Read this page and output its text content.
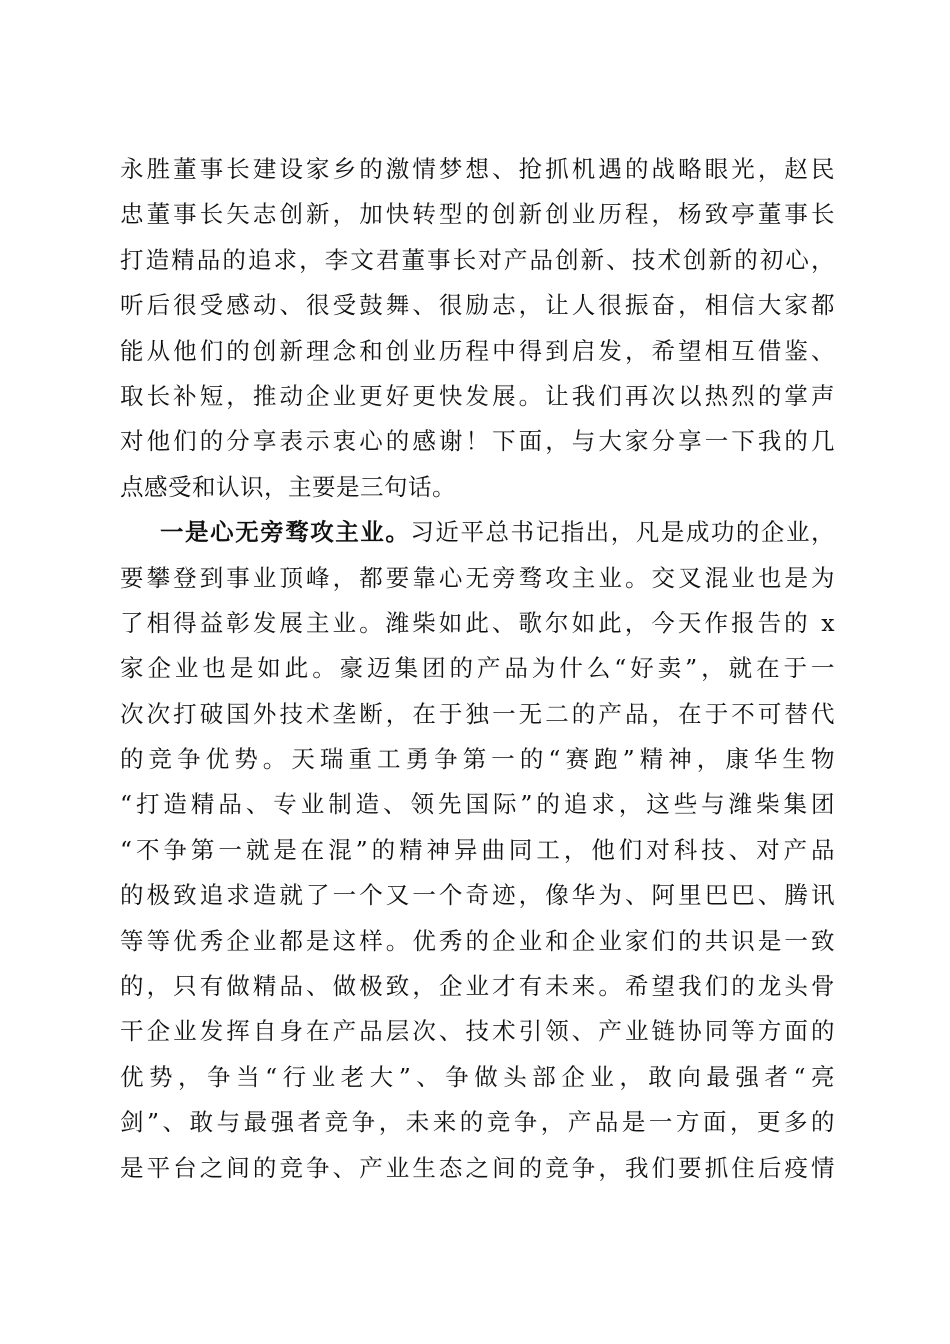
永胜董事长建设家乡的激情梦想、抢抓机遇的战略眼光，赵民
忠董事长矢志创新，加快转型的创新创业历程，杨致亭董事长
打造精品的追求，李文君董事长对产品创新、技术创新的初心，
听后很受感动、很受鼓舞、很励志，让人很振奋，相信大家都
能从他们的创新理念和创业历程中得到启发，希望相互借鉴、
取长补短，推动企业更好更快发展。让我们再次以热烈的掌声
对他们的分享表示衷心的感谢！下面，与大家分享一下我的几
点感受和认识，主要是三句话。
一是心无旁骛攻主业。习近平总书记指出，凡是成功的企业，
要攀登到事业顶峰，都要靠心无旁骛攻主业。交叉混业也是为
了相得益彰发展主业。潍柴如此、歌尔如此，今天作报告的 x
家企业也是如此。豪迈集团的产品为什么“好卖”，就在于一
次次打破国外技术垄断，在于独一无二的产品，在于不可替代
的竞争优势。天瑞重工勇争第一的“赛跑”精神，康华生物
“打造精品、专业制造、领先国际”的追求，这些与潍柴集团
“不争第一就是在混”的精神异曲同工，他们对科技、对产品
的极致追求造就了一个又一个奇迹，像华为、阿里巴巴、腾讯
等等优秀企业都是这样。优秀的企业和企业家们的共识是一致
的，只有做精品、做极致，企业才有未来。希望我们的龙头骨
干企业发挥自身在产品层次、技术引领、产业链协同等方面的
优势，争当“行业老大”、争做头部企业，敢向最强者“亮
剑”、敢与最强者竞争，未来的竞争，产品是一方面，更多的
是平台之间的竞争、产业生态之间的竞争，我们要抓住后疫情
